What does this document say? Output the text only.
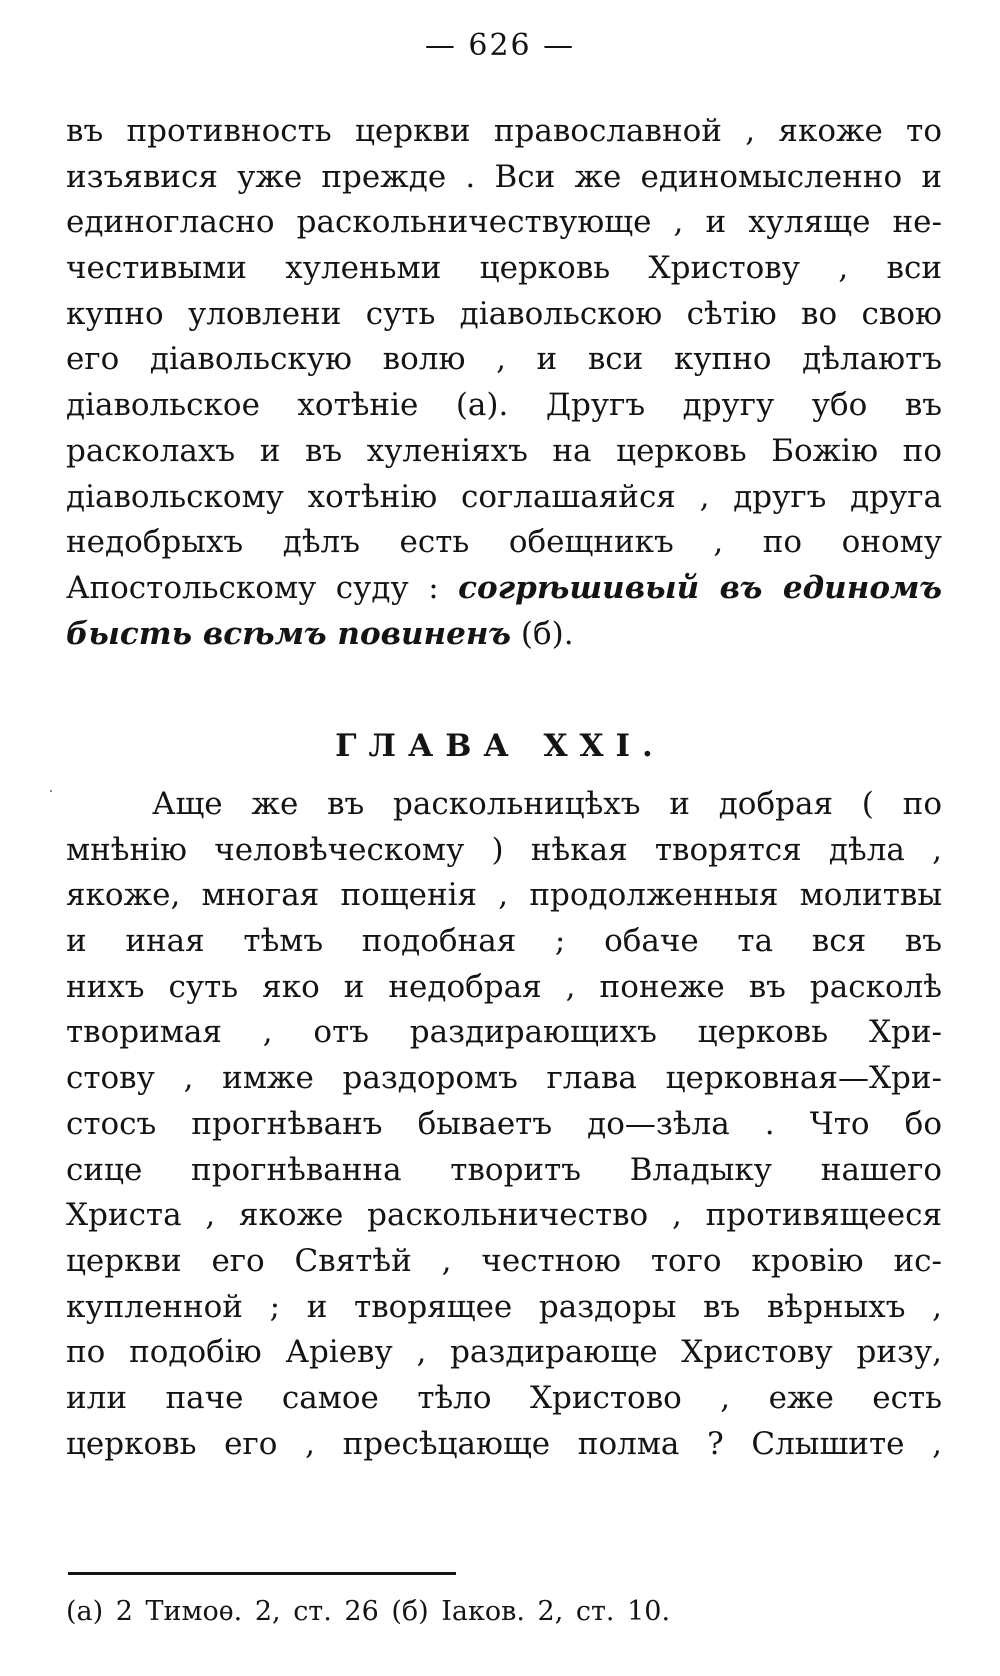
— 626 —
въ противность церкви православной , якоже то
изъявися уже прежде . Вси же единомысленно и
единогласно раскольничествующе , и хуляще не-
честивыми хуленьми церковь Христову , вси
купно уловлени суть діавольскою сѣтію во свою
его діавольскую волю , и вси купно дѣлаютъ
діавольское хотѣніе (а). Другъ другу убо въ
расколахъ и въ хуленіяхъ на церковь Божію по
діавольскому хотѣнію соглашаяйся , другъ друга
недобрыхъ дѣлъ есть обещникъ , по оному
Апостольскому суду : согрѣшивый въ единомъ
бысть всѣмъ повиненъ (б).
ГЛАВА XXI.
Аще же въ раскольницѣхъ и добрая ( по
мнѣнію человѣческому ) нѣкая творятся дѣла ,
якоже, многая пощенія , продолженныя молитвы
и иная тѣмъ подобная ; обаче та вся въ
нихъ суть яко и недобрая , понеже въ расколѣ
творимая , отъ раздирающихъ церковь Хри-
стову , имже раздоромъ глава церковная—Хри-
стосъ прогнѣванъ бываетъ до—зѣла . Что бо
сице прогнѣванна творитъ Владыку нашего
Христа , якоже раскольничество , противящееся
церкви его Святѣй , честною того кровію ис-
купленной ; и творящее раздоры въ вѣрныхъ ,
по подобію Аріеву , раздирающе Христову ризу,
или паче самое тѣло Христово , еже есть
церковь его , пресѣцающе полма ? Слышите ,
(а) 2 Тимоѳ. 2, ст. 26 (б) Іаков. 2, ст. 10.
